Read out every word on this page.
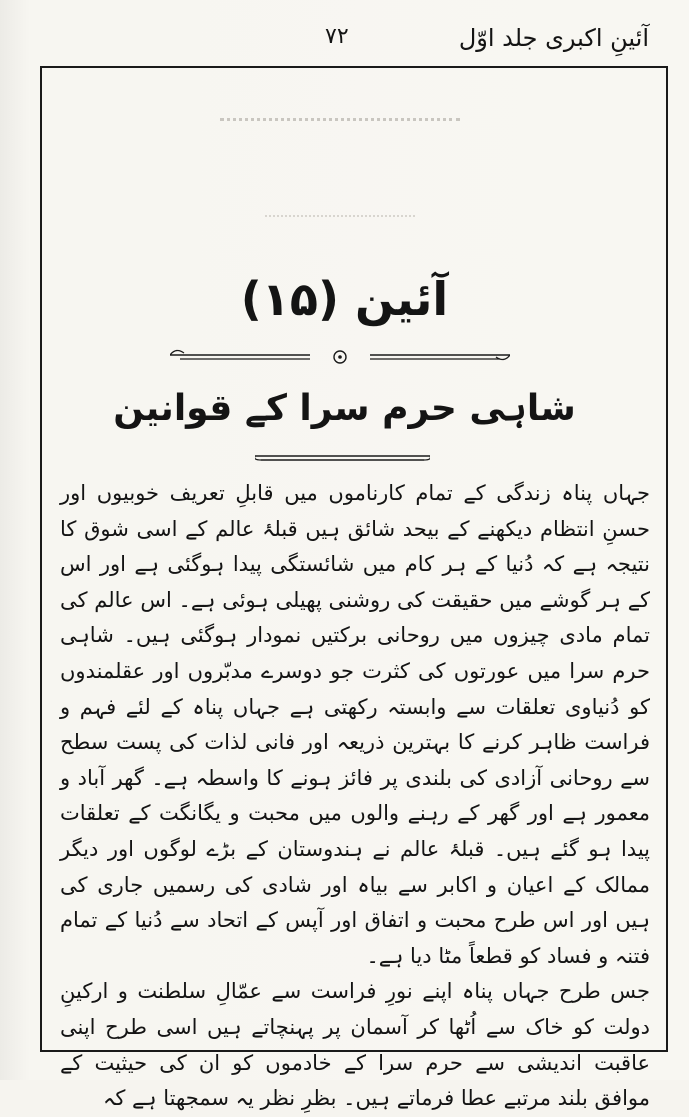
۷۲	آئینِ اکبری جلد اوّل
آئین (۱۵)
شاہی حرم سرا کے قوانین

جہاں پناہ زندگی کے تمام کارناموں میں قابلِ تعریف خوبیوں اور حسنِ انتظام دیکھنے کے بیحد شائق ہیں قبلۂ عالم کے اسی شوق کا نتیجہ ہے کہ دُنیا کے ہر کام میں شائستگی پیدا ہوگئی ہے اور اس کے ہر گوشے میں حقیقت کی روشنی پھیلی ہوئی ہے۔ اس عالم کی تمام مادی چیزوں میں روحانی برکتیں نمودار ہوگئی ہیں۔ شاہی حرم سرا میں عورتوں کی کثرت جو دوسرے مدبّروں اور عقلمندوں کو دُنیاوی تعلقات سے وابستہ رکھتی ہے جہاں پناہ کے لئے فہم و فراست ظاہر کرنے کا بہترین ذریعہ اور فانی لذات کی پست سطح سے روحانی آزادی کی بلندی پر فائز ہونے کا واسطہ ہے۔ گھر آباد و معمور ہے اور گھر کے رہنے والوں میں محبت و یگانگت کے تعلقات پیدا ہو گئے ہیں۔ قبلۂ عالم نے ہندوستان کے بڑے لوگوں اور دیگر ممالک کے اعیان و اکابر سے بیاہ اور شادی کی رسمیں جاری کی ہیں اور اس طرح محبت و اتفاق اور آپس کے اتحاد سے دُنیا کے تمام فتنہ و فساد کو قطعاً مٹا دیا ہے۔

جس طرح جہاں پناہ اپنے نورِ فراست سے عمّالِ سلطنت و ارکینِ دولت کو خاک سے اُٹھا کر آسمان پر پہنچاتے ہیں اسی طرح اپنی عاقبت اندیشی سے حرم سرا کے خادموں کو ان کی حیثیت کے موافق بلند مرتبے عطا فرماتے ہیں۔ بظرِ نظر یہ سمجھتا ہے کہ
